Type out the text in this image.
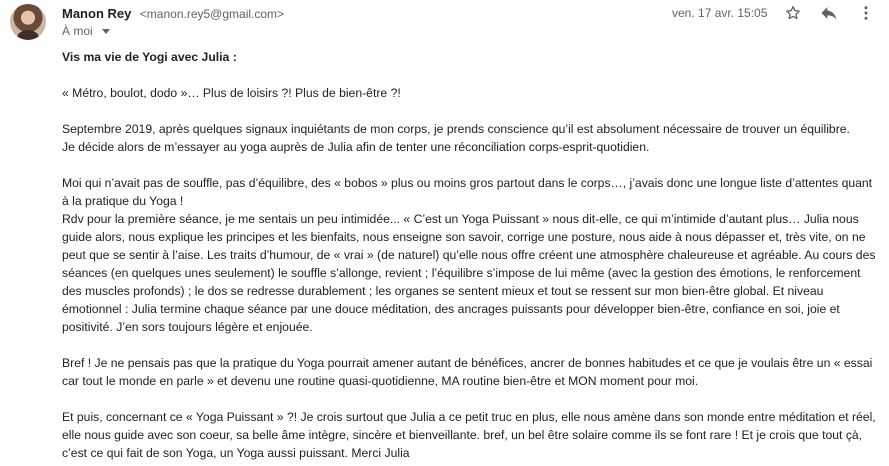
Manon Rey <manon.rey5@gmail.com>
À moi
ven. 17 avr. 15:05

Vis ma vie de Yogi avec Julia :

« Métro, boulot, dodo »… Plus de loisirs ?! Plus de bien-être ?!

Septembre 2019, après quelques signaux inquiétants de mon corps, je prends conscience qu’il est absolument nécessaire de trouver un équilibre.

Je décide alors de m’essayer au yoga auprès de Julia afin de tenter une réconciliation corps-esprit-quotidien.

Moi qui n’avait pas de souffle, pas d’équilibre, des « bobos » plus ou moins gros partout dans le corps…, j’avais donc une longue liste d’attentes quant à la pratique du Yoga !

Rdv pour la première séance, je me sentais un peu intimidée... « C’est un Yoga Puissant » nous dit-elle, ce qui m’intimide d’autant plus… Julia nous guide alors, nous explique les principes et les bienfaits, nous enseigne son savoir, corrige une posture, nous aide à nous dépasser et, très vite, on ne peut que se sentir à l’aise. Les traits d’humour, de « vrai » (de naturel) qu’elle nous offre créent une atmosphère chaleureuse et agréable. Au cours des séances (en quelques unes seulement) le souffle s’allonge, revient ; l’équilibre s’impose de lui même (avec la gestion des émotions, le renforcement des muscles profonds) ; le dos se redresse durablement ; les organes se sentent mieux et tout se ressent sur mon bien-être global. Et niveau émotionnel : Julia termine chaque séance par une douce méditation, des ancrages puissants pour développer bien-être, confiance en soi, joie et positivité. J’en sors toujours légère et enjouée.

Bref ! Je ne pensais pas que la pratique du Yoga pourrait amener autant de bénéfices, ancrer de bonnes habitudes et ce que je voulais être un « essai car tout le monde en parle » et devenu une routine quasi-quotidienne, MA routine bien-être et MON moment pour moi.

Et puis, concernant ce « Yoga Puissant » ?! Je crois surtout que Julia a ce petit truc en plus, elle nous amène dans son monde entre méditation et réel, elle nous guide avec son coeur, sa belle âme intègre, sincère et bienveillante. bref, un bel être solaire comme ils se font rare ! Et je crois que tout çà, c’est ce qui fait de son Yoga, un Yoga aussi puissant. Merci Julia
